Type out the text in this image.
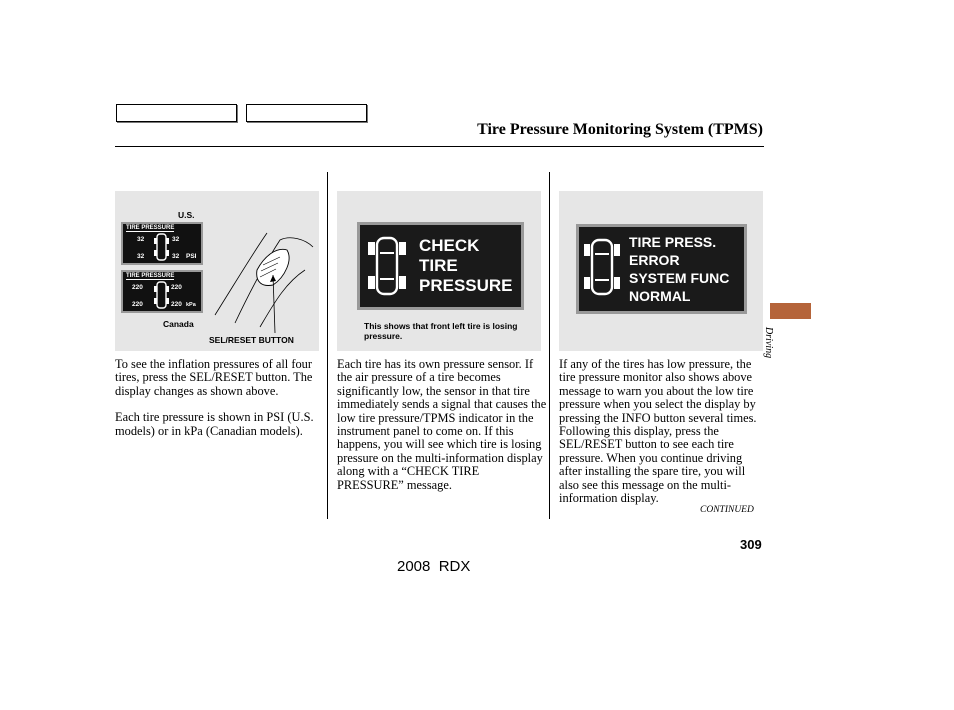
Tire Pressure Monitoring System (TPMS)
Driving
U.S.
TIRE PRESSURE
32	32
32	32 PSI
TIRE PRESSURE
220	220
220	220 kPa
Canada
SEL/RESET BUTTON
CHECK
TIRE
PRESSURE
This shows that front left tire is losing pressure.
TIRE PRESS.
ERROR
SYSTEM FUNC
NORMAL

To see the inflation pressures of all four tires, press the SEL/RESET button. The display changes as shown above.

Each tire pressure is shown in PSI (U.S. models) or in kPa (Canadian models).

Each tire has its own pressure sensor. If the air pressure of a tire becomes significantly low, the sensor in that tire immediately sends a signal that causes the low tire pressure/TPMS indicator in the instrument panel to come on. If this happens, you will see which tire is losing pressure on the multi-information display along with a “CHECK TIRE PRESSURE” message.

If any of the tires has low pressure, the tire pressure monitor also shows above message to warn you about the low tire pressure when you select the display by pressing the INFO button several times. Following this display, press the SEL/RESET button to see each tire pressure. When you continue driving after installing the spare tire, you will also see this message on the multi-information display.

CONTINUED
309
2008  RDX
